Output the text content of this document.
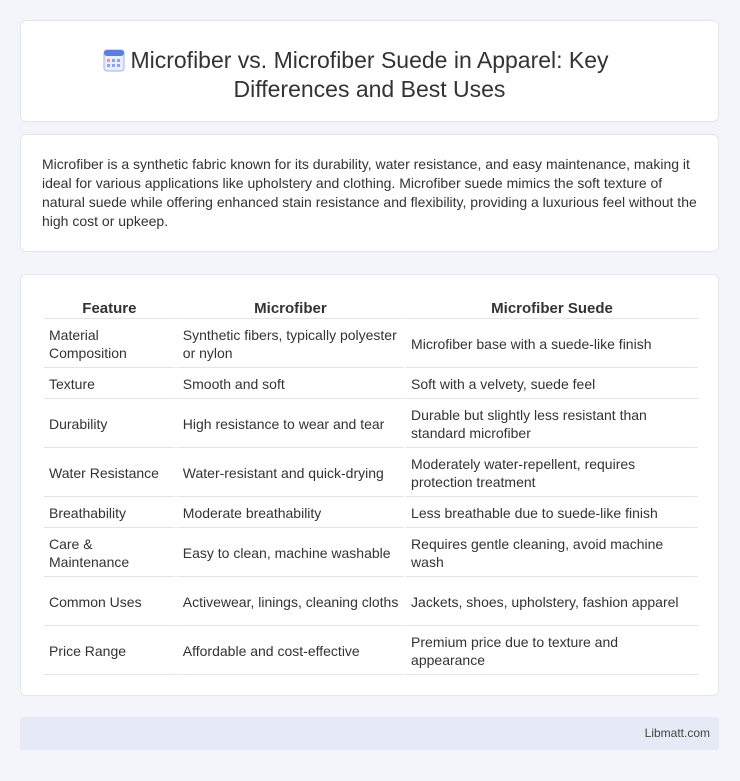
Microfiber vs. Microfiber Suede in Apparel: Key
Differences and Best Uses

Microfiber is a synthetic fabric known for its durability, water resistance, and easy maintenance, making it ideal for various applications like upholstery and clothing. Microfiber suede mimics the soft texture of natural suede while offering enhanced stain resistance and flexibility, providing a luxurious feel without the high cost or upkeep.

Feature	Microfiber	Microfiber Suede
Material Composition	Synthetic fibers, typically polyester or nylon	Microfiber base with a suede-like finish
Texture	Smooth and soft	Soft with a velvety, suede feel
Durability	High resistance to wear and tear	Durable but slightly less resistant than standard microfiber
Water Resistance	Water-resistant and quick-drying	Moderately water-repellent, requires protection treatment
Breathability	Moderate breathability	Less breathable due to suede-like finish
Care & Maintenance	Easy to clean, machine washable	Requires gentle cleaning, avoid machine wash
Common Uses	Activewear, linings, cleaning cloths	Jackets, shoes, upholstery, fashion apparel
Price Range	Affordable and cost-effective	Premium price due to texture and appearance
Libmatt.com
